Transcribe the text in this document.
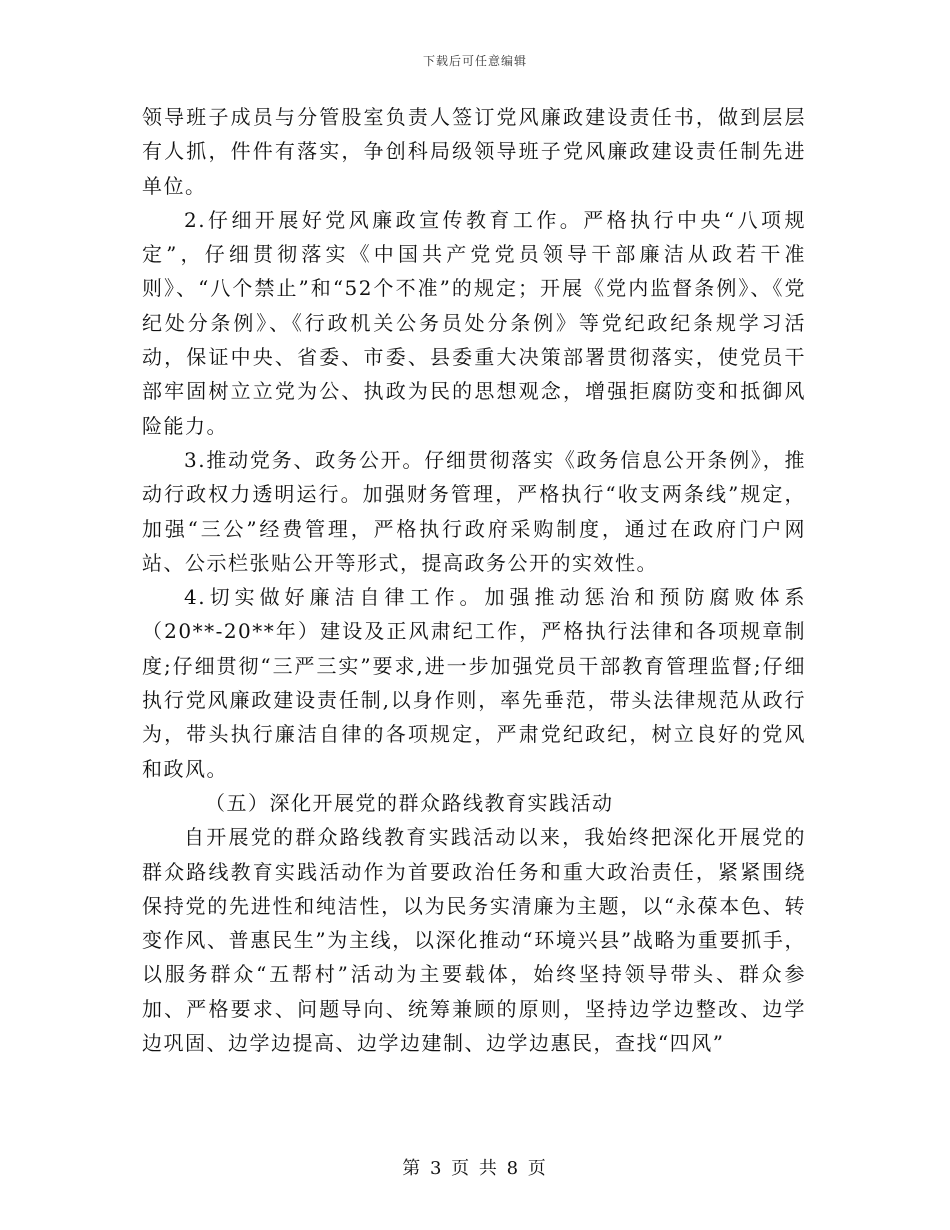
下载后可任意编辑

领导班子成员与分管股室负责人签订党风廉政建设责任书，做到层层有人抓，件件有落实，争创科局级领导班子党风廉政建设责任制先进单位。

2.仔细开展好党风廉政宣传教育工作。严格执行中央“八项规定”，仔细贯彻落实《中国共产党党员领导干部廉洁从政若干准则》、“八个禁止”和“52个不准”的规定；开展《党内监督条例》、《党纪处分条例》、《行政机关公务员处分条例》等党纪政纪条规学习活动，保证中央、省委、市委、县委重大决策部署贯彻落实，使党员干部牢固树立立党为公、执政为民的思想观念，增强拒腐防变和抵御风险能力。

3.推动党务、政务公开。仔细贯彻落实《政务信息公开条例》，推动行政权力透明运行。加强财务管理，严格执行“收支两条线”规定，加强“三公”经费管理，严格执行政府采购制度，通过在政府门户网站、公示栏张贴公开等形式，提高政务公开的实效性。

4.切实做好廉洁自律工作。加强推动惩治和预防腐败体系（20**-20**年）建设及正风肃纪工作，严格执行法律和各项规章制度;仔细贯彻“三严三实”要求,进一步加强党员干部教育管理监督;仔细执行党风廉政建设责任制,以身作则，率先垂范，带头法律规范从政行为，带头执行廉洁自律的各项规定，严肃党纪政纪，树立良好的党风和政风。

（五）深化开展党的群众路线教育实践活动

自开展党的群众路线教育实践活动以来，我始终把深化开展党的群众路线教育实践活动作为首要政治任务和重大政治责任，紧紧围绕保持党的先进性和纯洁性，以为民务实清廉为主题，以“永葆本色、转变作风、普惠民生”为主线，以深化推动“环境兴县”战略为重要抓手，以服务群众“五帮村”活动为主要载体，始终坚持领导带头、群众参加、严格要求、问题导向、统筹兼顾的原则，坚持边学边整改、边学边巩固、边学边提高、边学边建制、边学边惠民，查找“四风”

第 3 页 共 8 页
